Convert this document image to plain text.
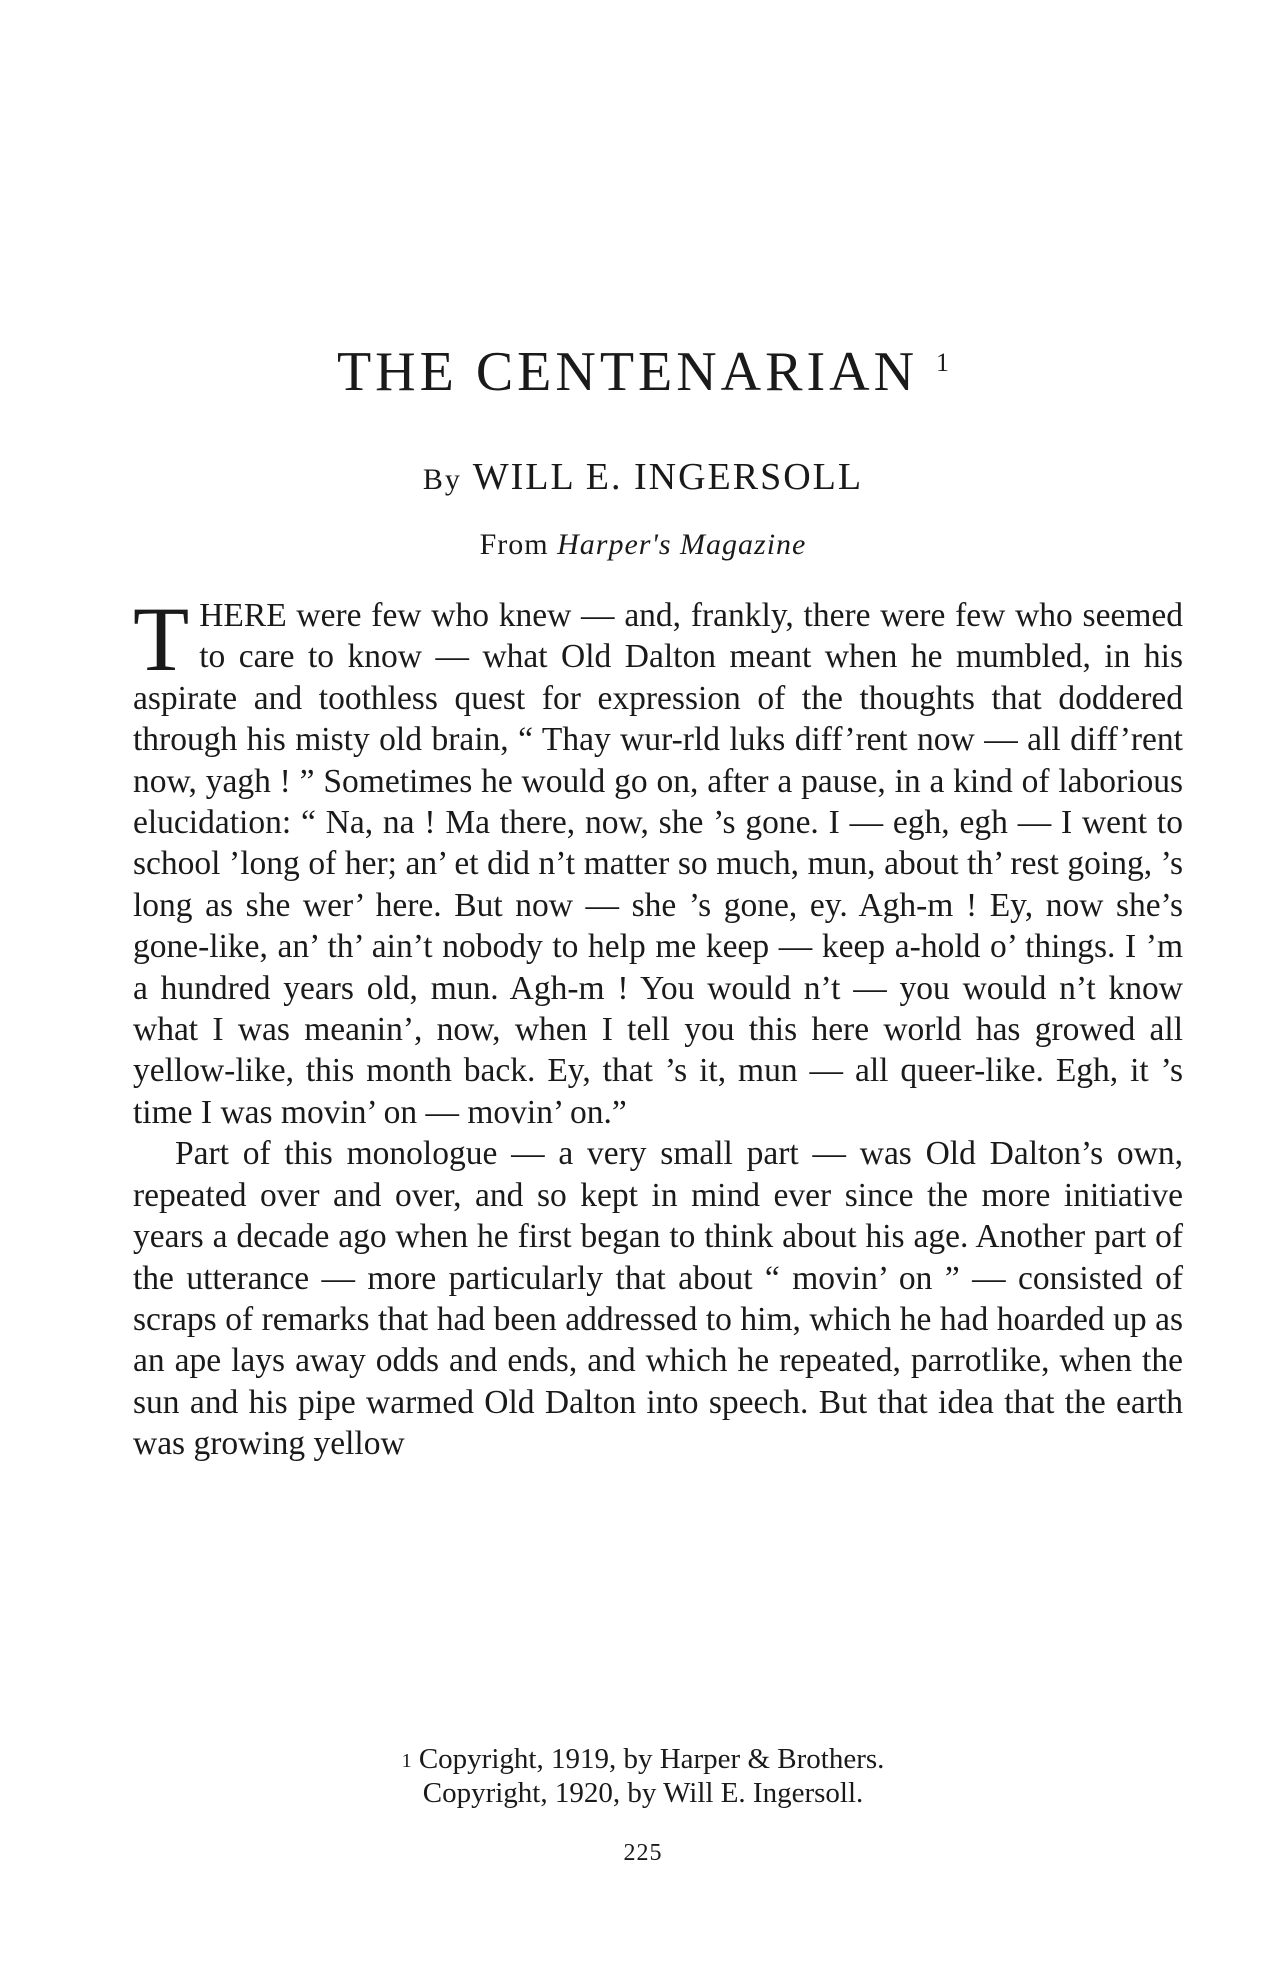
THE CENTENARIAN $^1$
By WILL E. INGERSOLL
From Harper's Magazine

THERE were few who knew — and, frankly, there were few who seemed to care to know — what Old Dalton meant when he mumbled, in his aspirate and toothless quest for expression of the thoughts that doddered through his misty old brain, “ Thay wur-rld luks diff’rent now — all diff’rent now, yagh ! ” Sometimes he would go on, after a pause, in a kind of laborious elucidation: “ Na, na ! Ma there, now, she ’s gone. I — egh, egh — I went to school ’long of her; an’ et did n’t matter so much, mun, about th’ rest going, ’s long as she wer’ here. But now — she ’s gone, ey. Agh-m ! Ey, now she’s gone-like, an’ th’ ain’t nobody to help me keep — keep a-hold o’ things. I ’m a hundred years old, mun. Agh-m ! You would n’t — you would n’t know what I was meanin’, now, when I tell you this here world has growed all yellow-like, this month back. Ey, that ’s it, mun — all queer-like. Egh, it ’s time I was movin’ on — movin’ on.”

Part of this monologue — a very small part — was Old Dalton’s own, repeated over and over, and so kept in mind ever since the more initiative years a decade ago when he first began to think about his age. Another part of the utterance — more particularly that about “ movin’ on ” — consisted of scraps of remarks that had been addressed to him, which he had hoarded up as an ape lays away odds and ends, and which he repeated, parrotlike, when the sun and his pipe warmed Old Dalton into speech. But that idea that the earth was growing yellow

$^1$ Copyright, 1919, by Harper & Brothers.
Copyright, 1920, by Will E. Ingersoll.
225
